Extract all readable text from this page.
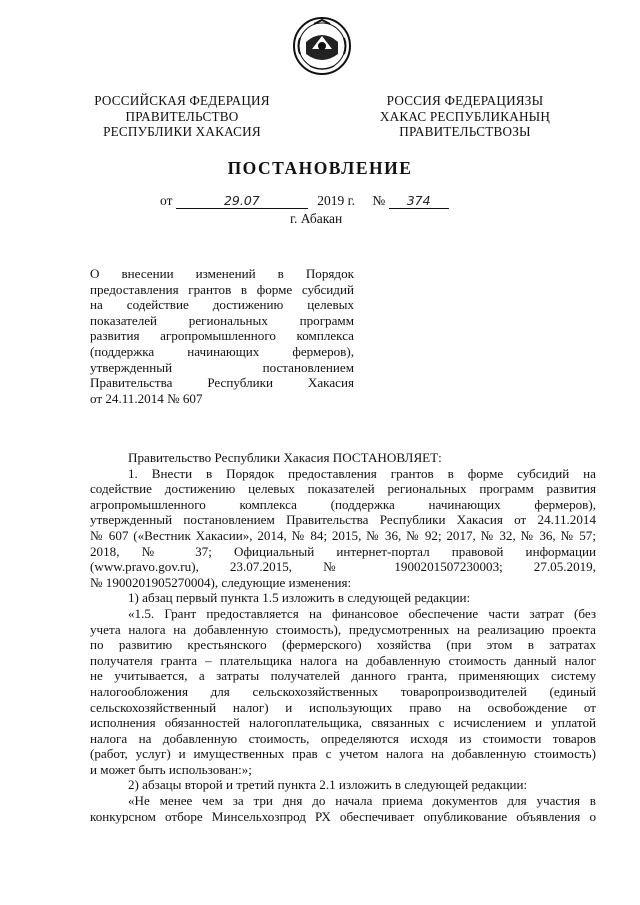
РОССИЙСКАЯ ФЕДЕРАЦИЯ
ПРАВИТЕЛЬСТВО
РЕСПУБЛИКИ ХАКАСИЯ
РОССИЯ ФЕДЕРАЦИЯЗЫ
ХАКАС РЕСПУБЛИКАНЫҢ
ПРАВИТЕЛЬСТВОЗЫ
ПОСТАНОВЛЕНИЕ
от	29.07	2019 г. № 374
г. Абакан
О внесении изменений в Порядок
предоставления грантов в форме субсидий
на содействие достижению целевых
показателей региональных программ
развития агропромышленного комплекса
(поддержка начинающих фермеров),
утвержденный постановлением
Правительства Республики Хакасия
от 24.11.2014 № 607
Правительство Республики Хакасия ПОСТАНОВЛЯЕТ:
1. Внести в Порядок предоставления грантов в форме субсидий на
содействие достижению целевых показателей региональных программ развития
агропромышленного комплекса (поддержка начинающих фермеров),
утвержденный постановлением Правительства Республики Хакасия от 24.11.2014
№ 607 («Вестник Хакасии», 2014, № 84; 2015, № 36, № 92; 2017, № 32, № 36, № 57;
2018, № 37; Официальный интернет-портал правовой информации
(www.pravo.gov.ru), 23.07.2015, № 1900201507230003; 27.05.2019,
№ 1900201905270004), следующие изменения:
1) абзац первый пункта 1.5 изложить в следующей редакции:
«1.5. Грант предоставляется на финансовое обеспечение части затрат (без
учета налога на добавленную стоимость), предусмотренных на реализацию проекта
по развитию крестьянского (фермерского) хозяйства (при этом в затратах
получателя гранта – плательщика налога на добавленную стоимость данный налог
не учитывается, а затраты получателей данного гранта, применяющих систему
налогообложения для сельскохозяйственных товаропроизводителей (единый
сельскохозяйственный налог) и использующих право на освобождение от
исполнения обязанностей налогоплательщика, связанных с исчислением и уплатой
налога на добавленную стоимость, определяются исходя из стоимости товаров
(работ, услуг) и имущественных прав с учетом налога на добавленную стоимость)
и может быть использован:»;
2) абзацы второй и третий пункта 2.1 изложить в следующей редакции:
«Не менее чем за три дня до начала приема документов для участия в
конкурсном отборе Минсельхозпрод РХ обеспечивает опубликование объявления о
